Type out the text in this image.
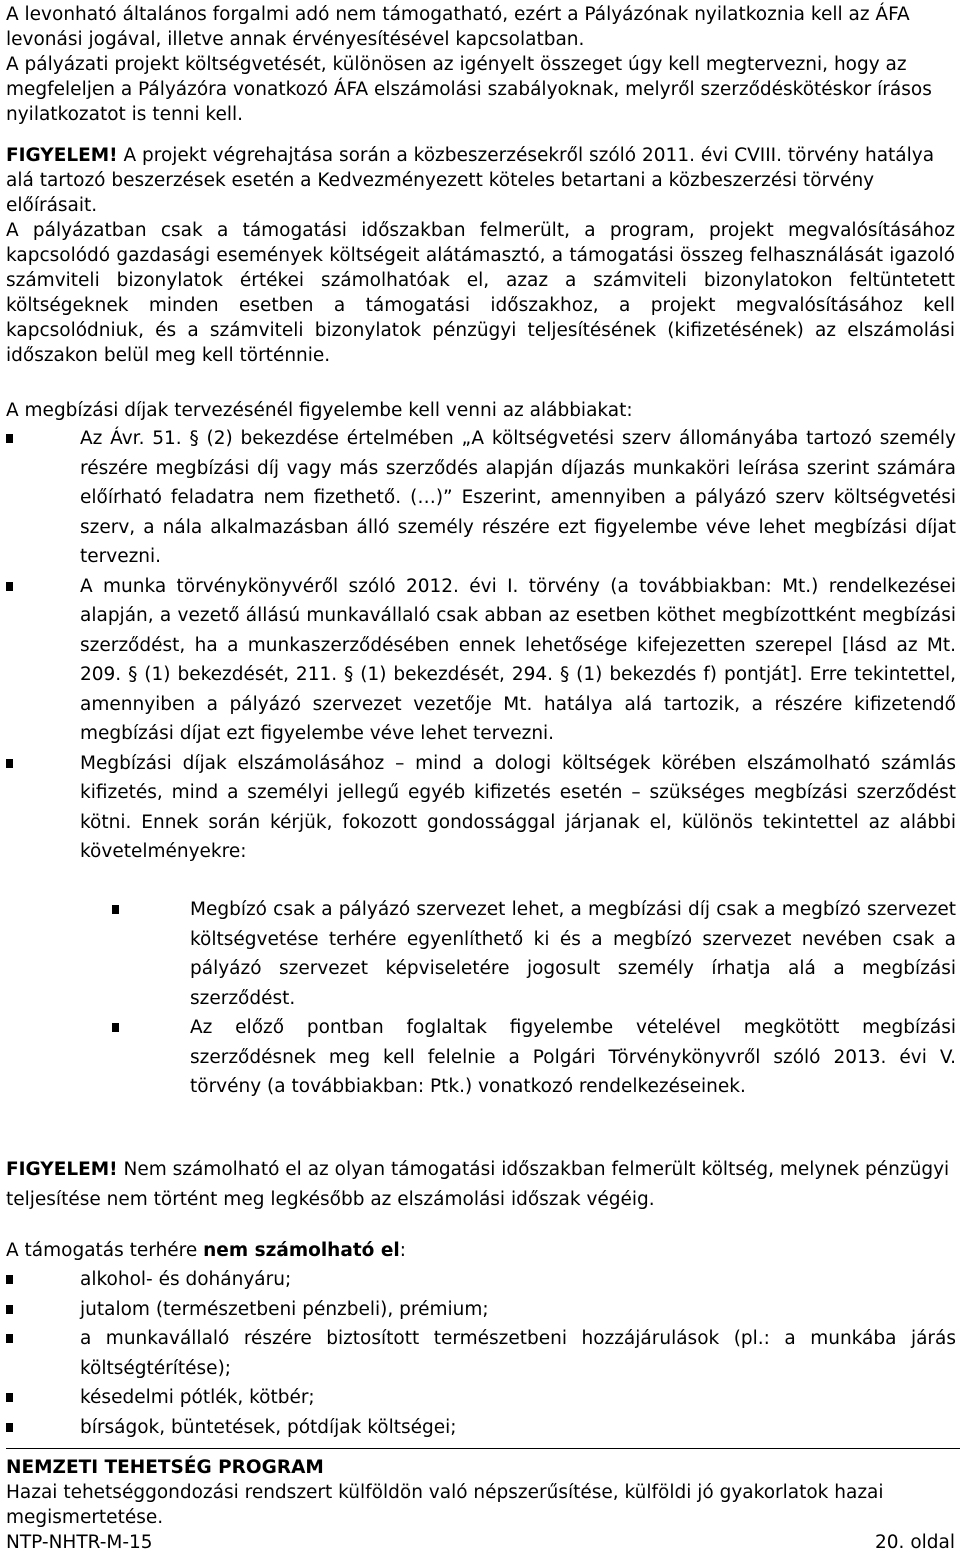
A levonható általános forgalmi adó nem támogatható, ezért a Pályázónak nyilatkoznia kell az ÁFA levonási jogával, illetve annak érvényesítésével kapcsolatban.

A pályázati projekt költségvetését, különösen az igényelt összeget úgy kell megtervezni, hogy az megfeleljen a Pályázóra vonatkozó ÁFA elszámolási szabályoknak, melyről szerződéskötéskor írásos nyilatkozatot is tenni kell.

FIGYELEM! A projekt végrehajtása során a közbeszerzésekről szóló 2011. évi CVIII. törvény hatálya alá tartozó beszerzések esetén a Kedvezményezett köteles betartani a közbeszerzési törvény előírásait.

A pályázatban csak a támogatási időszakban felmerült, a program, projekt megvalósításához kapcsolódó gazdasági események költségeit alátámasztó, a támogatási összeg felhasználását igazoló számviteli bizonylatok értékei számolhatóak el, azaz a számviteli bizonylatokon feltüntetett költségeknek minden esetben a támogatási időszakhoz, a projekt megvalósításához kell kapcsolódniuk, és a számviteli bizonylatok pénzügyi teljesítésének (kifizetésének) az elszámolási időszakon belül meg kell történnie.

A megbízási díjak tervezésénél figyelembe kell venni az alábbiakat:

Az Ávr. 51. § (2) bekezdése értelmében „A költségvetési szerv állományába tartozó személy részére megbízási díj vagy más szerződés alapján díjazás munkaköri leírása szerint számára előírható feladatra nem fizethető. (…)” Eszerint, amennyiben a pályázó szerv költségvetési szerv, a nála alkalmazásban álló személy részére ezt figyelembe véve lehet megbízási díjat tervezni.
A munka törvénykönyvéről szóló 2012. évi I. törvény (a továbbiakban: Mt.) rendelkezései alapján, a vezető állású munkavállaló csak abban az esetben köthet megbízottként megbízási szerződést, ha a munkaszerződésében ennek lehetősége kifejezetten szerepel [lásd az Mt. 209. § (1) bekezdését, 211. § (1) bekezdését, 294. § (1) bekezdés f) pontját]. Erre tekintettel, amennyiben a pályázó szervezet vezetője Mt. hatálya alá tartozik, a részére kifizetendő megbízási díjat ezt figyelembe véve lehet tervezni.
Megbízási díjak elszámolásához – mind a dologi költségek körében elszámolható számlás kifizetés, mind a személyi jellegű egyéb kifizetés esetén – szükséges megbízási szerződést kötni. Ennek során kérjük, fokozott gondossággal járjanak el, különös tekintettel az alábbi követelményekre:
Megbízó csak a pályázó szervezet lehet, a megbízási díj csak a megbízó szervezet költségvetése terhére egyenlíthető ki és a megbízó szervezet nevében csak a pályázó szervezet képviseletére jogosult személy írhatja alá a megbízási szerződést.
Az előző pontban foglaltak figyelembe vételével megkötött megbízási szerződésnek meg kell felelnie a Polgári Törvénykönyvről szóló 2013. évi V. törvény (a továbbiakban: Ptk.) vonatkozó rendelkezéseinek.

FIGYELEM! Nem számolható el az olyan támogatási időszakban felmerült költség, melynek pénzügyi teljesítése nem történt meg legkésőbb az elszámolási időszak végéig.

A támogatás terhére nem számolható el:

alkohol- és dohányáru;
jutalom (természetbeni pénzbeli), prémium;
a munkavállaló részére biztosított természetbeni hozzájárulások (pl.: a munkába járás költségtérítése);
késedelmi pótlék, kötbér;
bírságok, büntetések, pótdíjak költségei;

NEMZETI TEHETSÉG PROGRAM

Hazai tehetséggondozási rendszert külföldön való népszerűsítése, külföldi jó gyakorlatok hazai megismertetése.

NTP-NHTR-M-15	20. oldal
